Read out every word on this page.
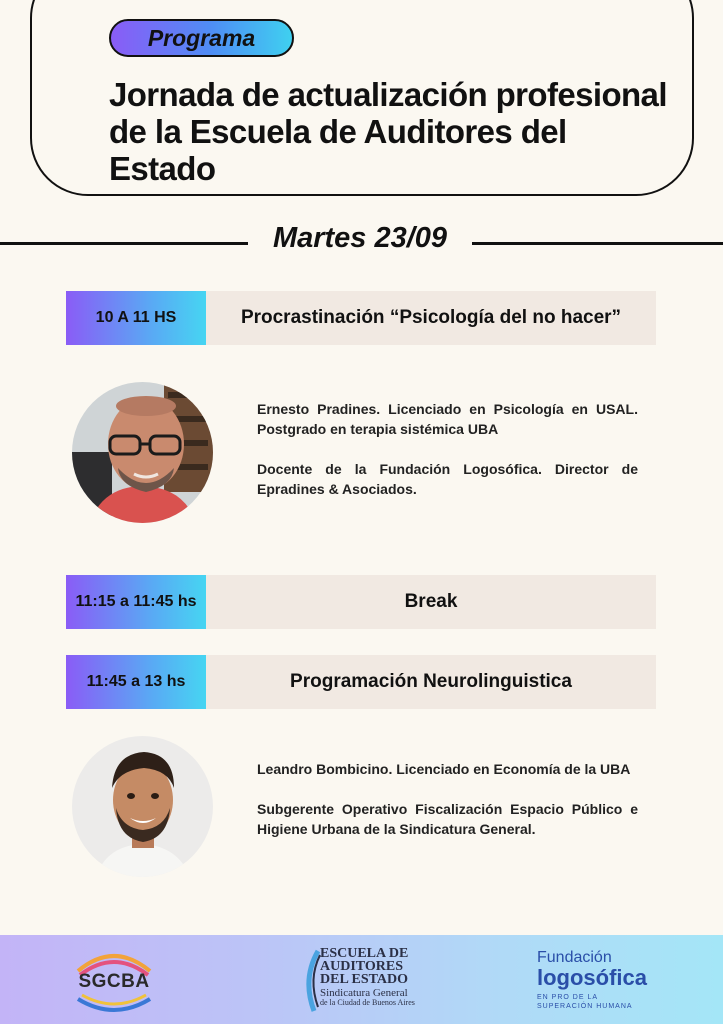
Programa
Jornada de actualización profesional de la Escuela de Auditores del Estado
Martes 23/09
10 A 11 HS	Procrastinación “Psicología del no hacer”

Ernesto Pradines. Licenciado en Psicología en USAL. Postgrado en terapia sistémica UBA

Docente de la Fundación Logosófica. Director de Epradines & Asociados.

11:15 a 11:45 hs	Break
11:45 a 13 hs	Programación Neurolinguistica

Leandro Bombicino. Licenciado en Economía de la UBA

Subgerente Operativo Fiscalización Espacio Público e Higiene Urbana de la Sindicatura General.

SGCBA
ESCUELA DE
AUDITORES
DEL ESTADO
Sindicatura General
de la Ciudad de Buenos Aires
Fundación
logosófica
EN PRO DE LA
SUPERACIÓN HUMANA
